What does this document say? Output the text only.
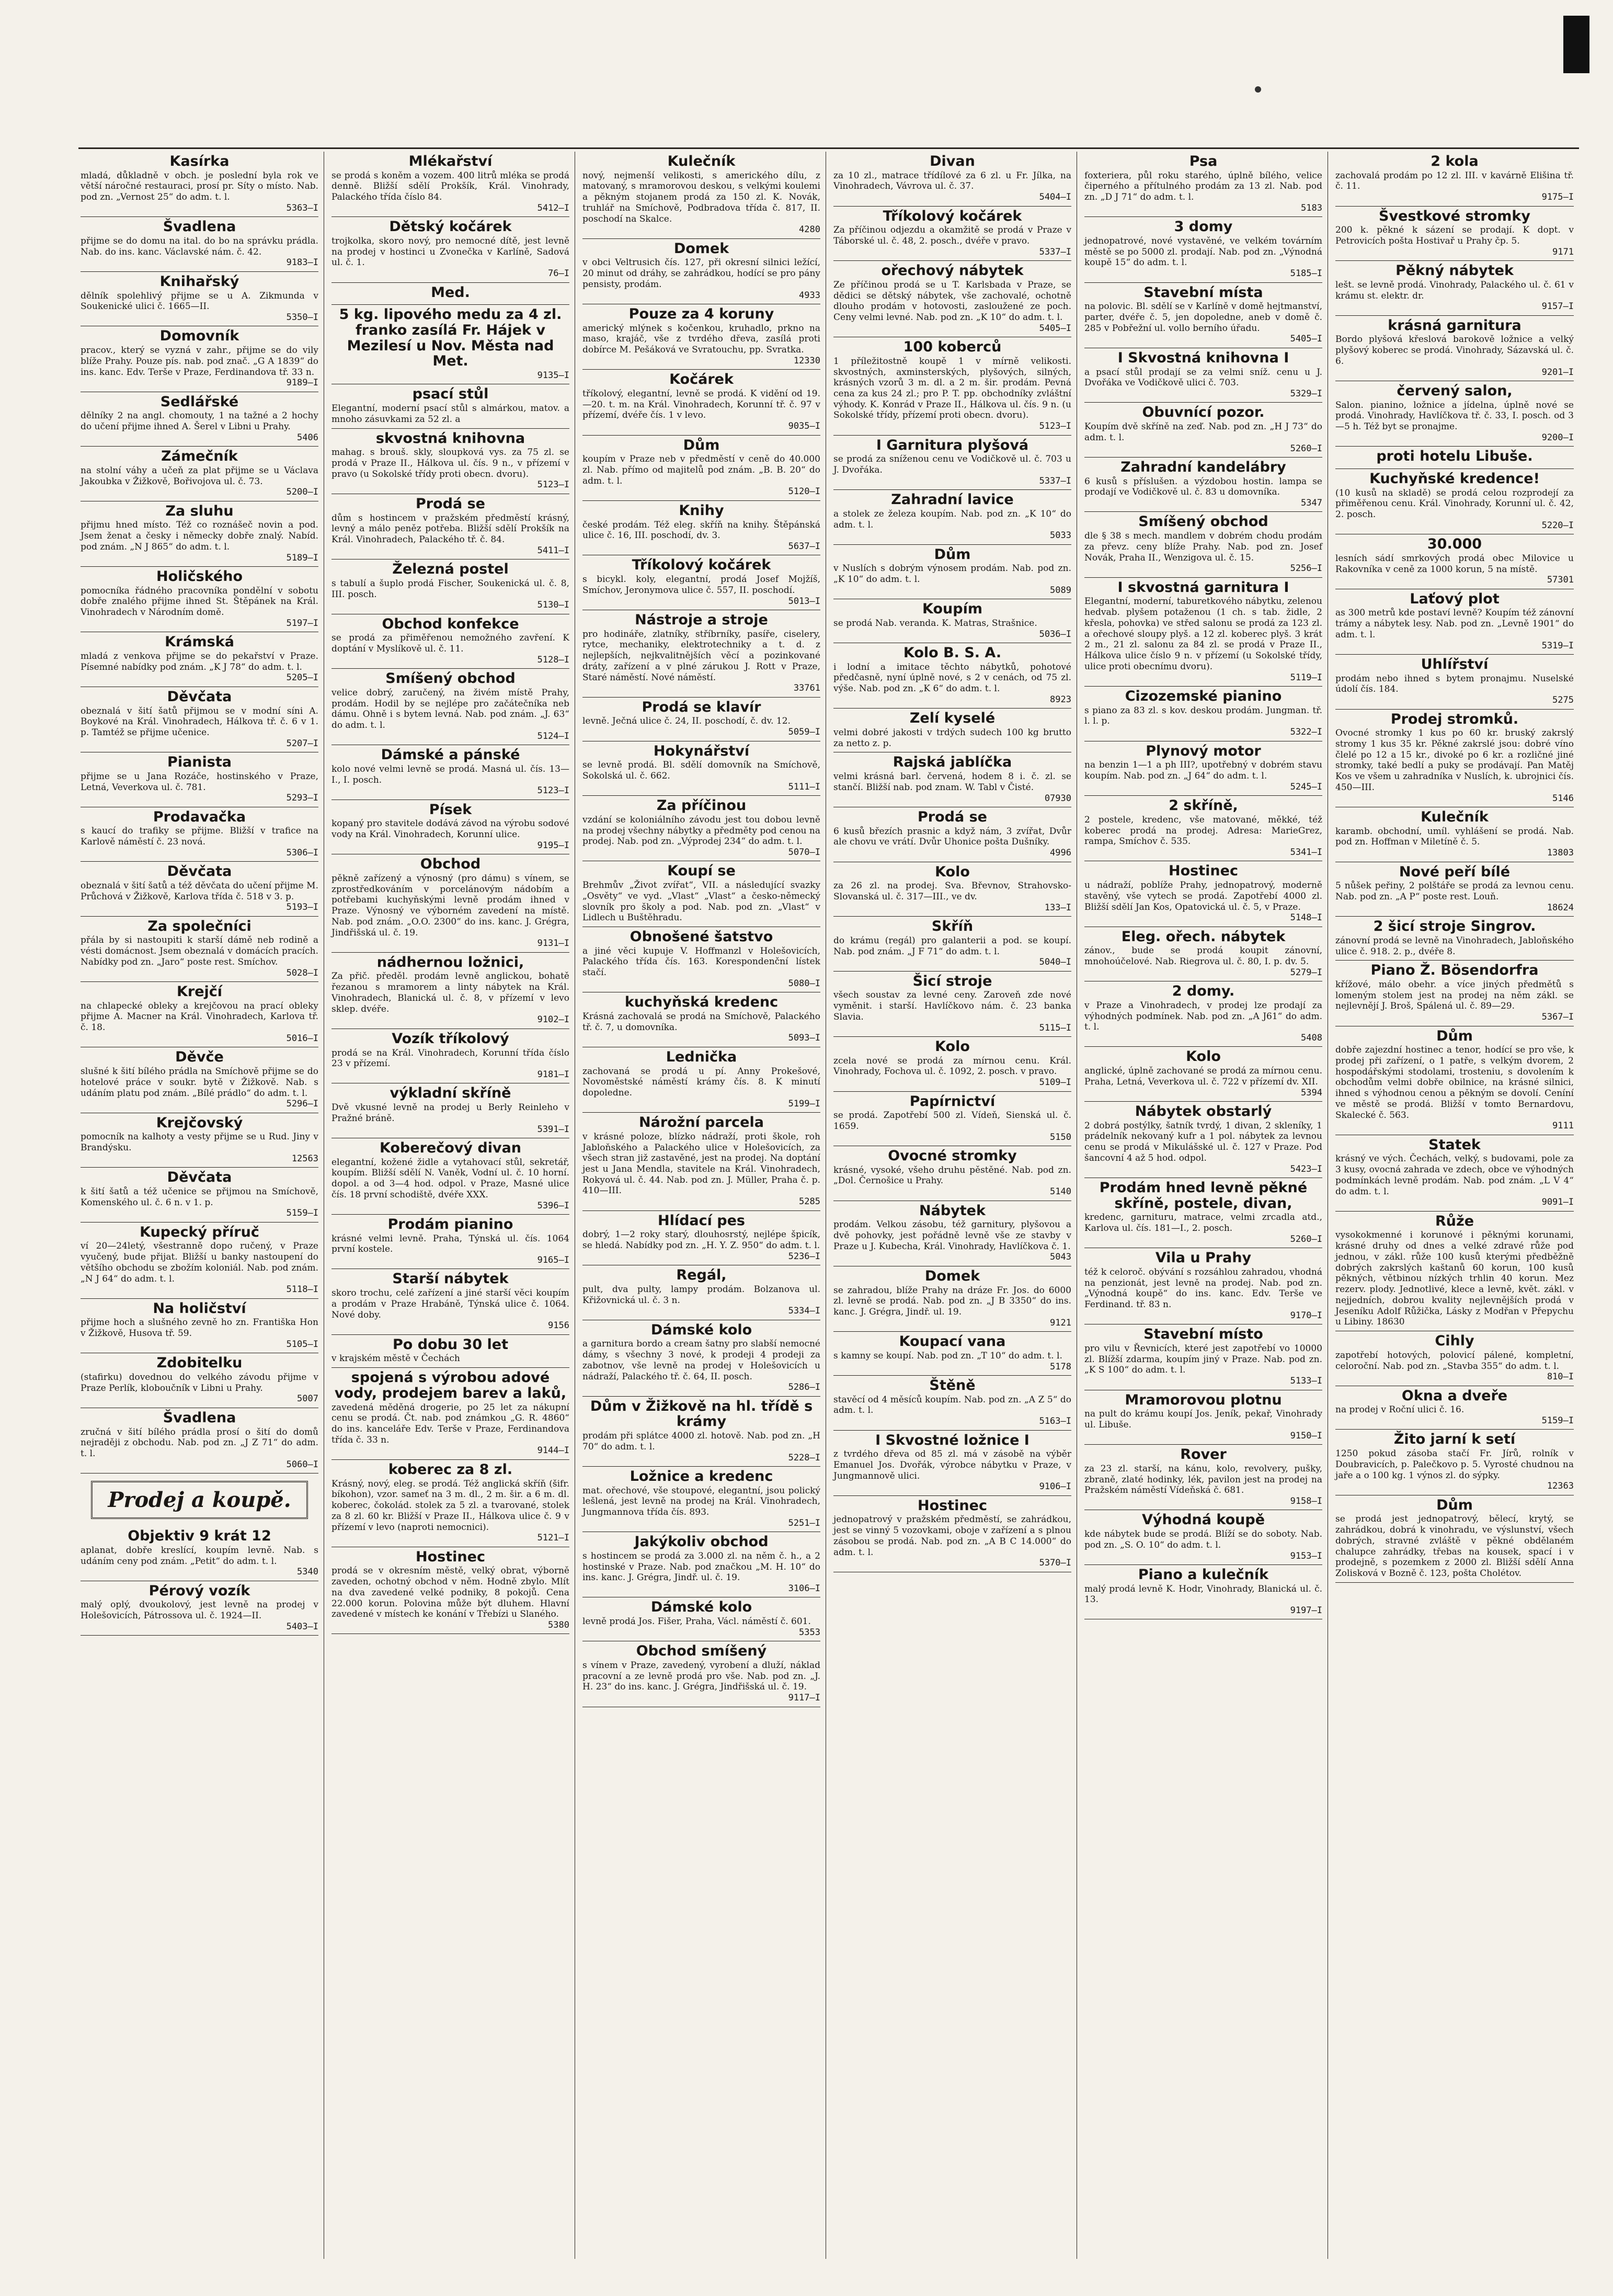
Kasírka
mladá, důkladně v obch. je poslední byla rok ve větší náročné restauraci, prosí pr. Síty o místo. Nab. pod zn. „Vernost 25“ do adm. t. l.
5363—I
Švadlena
přijme se do domu na ital. do bo na správku prádla. Nab. do ins. kanc. Václavské nám. č. 42.
9183—I
Knihařský
dělník spolehlivý přijme se u A. Zikmunda v Soukenické ulici č. 1665—II.
5350—I
Domovník
pracov., který se vyzná v zahr., přijme se do vily blíže Prahy. Pouze pís. nab. pod znač. „G A 1839“ do ins. kanc. Edv. Terše v Praze, Ferdinandova tř. 33 n.
9189—I
Sedlářské
dělníky 2 na angl. chomouty, 1 na tažné a 2 hochy do učení přijme ihned A. Šerel v Libni u Prahy.
5406
Zámečník
na stolní váhy a učeň za plat přijme se u Václava Jakoubka v Žižkově, Bořivojova ul. č. 73.
5200—I
Za sluhu
přijmu hned místo. Též co roznášeč novin a pod. Jsem ženat a česky i německy dobře znalý. Nabíd. pod znám. „N J 865“ do adm. t. l.
5189—I
Holičského
pomocníka řádného pracovníka pondělní v sobotu dobře znalého přijme ihned St. Štěpánek na Král. Vinohradech v Národním domě.
5197—I
Krámská
mladá z venkova přijme se do pekařství v Praze. Písemné nabídky pod znám. „K J 78“ do adm. t. l.
5205—I
Děvčata
obeznalá v šití šatů přijmou se v modní síni A. Boykové na Král. Vinohradech, Hálkova tř. č. 6 v 1. p. Tamtéž se přijme učenice.
5207—I
Pianista
přijme se u Jana Rozáče, hostinského v Praze, Letná, Veverkova ul. č. 781.
5293—I
Prodavačka
s kaucí do trafiky se přijme. Bližší v trafice na Karlově náměstí č. 23 nová.
5306—I
Děvčata
obeznalá v šití šatů a též děvčata do učení přijme M. Průchová v Žižkově, Karlova třída č. 518 v 3. p.
5193—I
Za společníci
přála by si nastoupiti k starší dámě neb rodině a vésti domácnost. Jsem obeznalá v domácích pracích. Nabídky pod zn. „Jaro“ poste rest. Smíchov.
5028—I
Krejčí
na chlapecké obleky a krejčovou na prací obleky přijme A. Macner na Král. Vinohradech, Karlova tř. č. 18.
5016—I
Děvče
slušné k šití bílého prádla na Smíchově přijme se do hotelové práce v soukr. bytě v Žižkově. Nab. s udáním platu pod znám. „Bílé prádlo“ do adm. t. l.
5296—I
Krejčovský
pomocník na kalhoty a vesty přijme se u Rud. Jiny v Brandýsku.
12563
Děvčata
k šití šatů a též učenice se přijmou na Smíchově, Komenského ul. č. 6 n. v 1. p.
5159—I
Kupecký příruč
ví 20—24letý, všestranně dopo ručený, v Praze vyučený, bude přijat. Bližší u banky nastoupení do většího obchodu se zbožím koloniál. Nab. pod znám. „N J 64“ do adm. t. l.
5118—I
Na holičství
přijme hoch a slušného zevně ho zn. Františka Hon v Žižkově, Husova tř. 59.
5105—I
Zdobitelku
(stafirku) dovednou do velkého závodu přijme v Praze Perlík, kloboučník v Libni u Prahy.
5007
Švadlena
zručná v šití bílého prádla prosí o šití do domů nejraději z obchodu. Nab. pod zn. „J Z 71“ do adm. t. l.
5060—I
Prodej a koupě.
Objektiv 9 krát 12
aplanat, dobře kreslící, koupím levně. Nab. s udáním ceny pod znám. „Petit“ do adm. t. l.
5340
Pérový vozík
malý oplý, dvoukolový, jest levně na prodej v Holešovicích, Pátrossova ul. č. 1924—II.
5403—I
Mlékařství
se prodá s koněm a vozem. 400 litrů mléka se prodá denně. Bližší sdělí Prokšík, Král. Vinohrady, Palackého třída číslo 84.
5412—I
Dětský kočárek
trojkolka, skoro nový, pro nemocné dítě, jest levně na prodej v hostinci u Zvonečka v Karlíně, Sadová ul. č. 1.
76—I
Med.
5 kg. lipového medu za 4 zl. franko zasílá Fr. Hájek v Mezilesí u Nov. Města nad Met.
9135—I
psací stůl
Elegantní, moderní psací stůl s almárkou, matov. a mnoho zásuvkami za 52 zl. a
skvostná knihovna
mahag. s brouš. skly, sloupková vys. za 75 zl. se prodá v Praze II., Hálkova ul. čís. 9 n., v přízemí v pravo (u Sokolské třídy proti obecn. dvoru).
5123—I
Prodá se
dům s hostincem v pražském předměstí krásný, levný a málo peněz potřeba. Bližší sdělí Prokšík na Král. Vinohradech, Palackého tř. č. 84.
5411—I
Železná postel
s tabulí a šuplo prodá Fischer, Soukenická ul. č. 8, III. posch.
5130—I
Obchod konfekce
se prodá za přiměřenou nemožného zavření. K doptání v Myslíkově ul. č. 11.
5128—I
Smíšený obchod
velice dobrý, zaručený, na živém místě Prahy, prodám. Hodil by se nejlépe pro začátečníka neb dámu. Ohně i s bytem levná. Nab. pod znám. „J. 63“ do adm. t. l.
5124—I
Dámské a pánské
kolo nové velmi levně se prodá. Masná ul. čís. 13—I., I. posch.
5123—I
Písek
kopaný pro stavitele dodává závod na výrobu sodové vody na Král. Vinohradech, Korunní ulice.
9195—I
Obchod
pěkně zařízený a výnosný (pro dámu) s vínem, se zprostředkováním v porcelánovým nádobím a potřebami kuchyňskými levně prodám ihned v Praze. Výnosný ve výborném zavedení na místě. Nab. pod znám. „O.O. 2300“ do ins. kanc. J. Grégra, Jindřišská ul. č. 19.
9131—I
nádhernou ložnici,
Za přič. předěl. prodám levně anglickou, bohatě řezanou s mramorem a linty nábytek na Král. Vinohradech, Blanická ul. č. 8, v přízemí v levo sklep. dvéře.
9102—I
Vozík tříkolový
prodá se na Král. Vinohradech, Korunní třída číslo 23 v přízemí.
9181—I
výkladní skříně
Dvě vkusné levně na prodej u Berly Reinleho v Pražné bráně.
5391—I
Koberečový divan
elegantní, kožené židle a vytahovací stůl, sekretář, koupím. Bližší sdělí N. Vaněk, Vodní ul. č. 10 horní. dopol. a od 3—4 hod. odpol. v Praze, Masné ulice čís. 18 první schodiště, dvéře XXX.
5396—I
Prodám pianino
krásné velmi levně. Praha, Týnská ul. čís. 1064 první kostele.
9165—I
Starší nábytek
skoro trochu, celé zařízení a jiné starší věci koupím a prodám v Praze Hrabáně, Týnská ulice č. 1064. Nové doby.
9156
Po dobu 30 let
v krajském městě v Čechách
spojená s výrobou adové vody, prodejem barev a laků,
zavedená měděná drogerie, po 25 let za nákupní cenu se prodá. Čt. nab. pod známkou „G. R. 4860“ do ins. kanceláře Edv. Terše v Praze, Ferdinandova třída č. 33 n.
9144—I
koberec za 8 zl.
Krásný, nový, eleg. se prodá. Též anglická skříň (šifr. bíkohon), vzor. sameť na 3 m. dl., 2 m. šir. a 6 m. dl. koberec, čokolád. stolek za 5 zl. a tvarované, stolek za 8 zl. 60 kr. Bližší v Praze II., Hálkova ulice č. 9 v přízemí v levo (naproti nemocnici).
5121—I
Hostinec
prodá se v okresním městě, velký obrat, výborně zaveden, ochotný obchod v něm. Hodně zbylo. Mlít na dva zavedené velké podniky, 8 pokojů. Cena 22.000 korun. Polovina může být dluhem. Hlavní zavedené v místech ke konání v Třebízi u Slaného.
5380
Kulečník
nový, nejmenší velikosti, s amerického dílu, z matovaný, s mramorovou deskou, s velkými koulemi a pěkným stojanem prodá za 150 zl. K. Novák, truhlář na Smíchově, Podbradova třída č. 817, II. poschodí na Skalce.
4280
Domek
v obci Veltrusich čís. 127, při okresní silnici ležící, 20 minut od dráhy, se zahrádkou, hodící se pro pány pensisty, prodám.
4933
Pouze za 4 koruny
americký mlýnek s kočenkou, kruhadlo, prkno na maso, krajáč, vše z tvrdého dřeva, zasílá proti dobírce M. Pešáková ve Svratouchu, pp. Svratka.
12330
Kočárek
tříkolový, elegantní, levně se prodá. K vidění od 19.—20. t. m. na Král. Vinohradech, Korunní tř. č. 97 v přízemí, dvéře čís. 1 v levo.
9035—I
Dům
koupím v Praze neb v předměstí v ceně do 40.000 zl. Nab. přímo od majitelů pod znám. „B. B. 20“ do adm. t. l.
5120—I
Knihy
české prodám. Též eleg. skříň na knihy. Štěpánská ulice č. 16, III. poschodí, dv. 3.
5637—I
Tříkolový kočárek
s bicykl. koly, elegantní, prodá Josef Mojžíš, Smíchov, Jeronymova ulice č. 557, II. poschodí.
5013—I
Nástroje a stroje
pro hodináře, zlatníky, stříbrníky, pasíře, ciselery, rytce, mechaniky, elektrotechniky a t. d. z nejlepších, nejkvalitnějších věcí a pozinkované dráty, zařízení a v plné zárukou J. Rott v Praze, Staré náměstí. Nové náměstí.
33761
Prodá se klavír
levně. Ječná ulice č. 24, II. poschodí, č. dv. 12.
5059—I
Hokynářství
se levně prodá. Bl. sdělí domovník na Smíchově, Sokolská ul. č. 662.
5111—I
Za příčinou
vzdání se koloniálního závodu jest tou dobou levně na prodej všechny nábytky a předměty pod cenou na prodej. Nab. pod zn. „Výprodej 234“ do adm. t. l.
5070—I
Koupí se
Brehmův „Život zvířat“, VII. a následující svazky „Osvěty“ ve vyd. „Vlast“ „Vlast“ a česko-německý slovník pro školy a pod. Nab. pod zn. „Vlast“ v Lidlech u Buštěhradu.
Obnošené šatstvo
a jiné věci kupuje V. Hoffmanzl v Holešovicích, Palackého třída čís. 163. Korespondenční lístek stačí.
5080—I
kuchyňská kredenc
Krásná zachovalá se prodá na Smíchově, Palackého tř. č. 7, u domovníka.
5093—I
Lednička
zachovaná se prodá u pí. Anny Prokešové, Novoměstské náměstí krámy čís. 8. K minutí dopoledne.
5199—I
Nárožní parcela
v krásné poloze, blízko nádraží, proti škole, roh Jabloňského a Palackého ulice v Holešovicích, za všech stran již zastavěné, jest na prodej. Na doptání jest u Jana Mendla, stavitele na Král. Vinohradech, Rokyová ul. č. 44. Nab. pod zn. J. Müller, Praha č. p. 410—III.
5285
Hlídací pes
dobrý, 1—2 roky starý, dlouhosrstý, nejlépe špicík, se hledá. Nabídky pod zn. „H. Y. Z. 950“ do adm. t. l.
5236—I
Regál,
pult, dva pulty, lampy prodám. Bolzanova ul. Křižovnická ul. č. 3 n.
5334—I
Dámské kolo
a garnitura bordo a cream šatny pro slabší nemocné dámy, s všechny 3 nové, k prodeji 4 prodeji za zabotnov, vše levně na prodej v Holešovicích u nádraží, Palackého tř. č. 64, II. posch.
5286—I
Dům v Žižkově na hl. třídě s krámy
prodám při splátce 4000 zl. hotově. Nab. pod zn. „H 70“ do adm. t. l.
5228—I
Ložnice a kredenc
mat. ořechové, vše stoupové, elegantní, jsou polický lešlená, jest levně na prodej na Král. Vinohradech, Jungmannova třída čís. 893.
5251—I
Jakýkoliv obchod
s hostincem se prodá za 3.000 zl. na něm č. h., a 2 hostinské v Praze. Nab. pod značkou „M. H. 10“ do ins. kanc. J. Grégra, Jindř. ul. č. 19.
3106—I
Dámské kolo
levně prodá Jos. Fišer, Praha, Václ. náměstí č. 601.
5353
Obchod smíšený
s vínem v Praze, zavedený, vyrobení a dluží, náklad pracovní a ze levně prodá pro vše. Nab. pod zn. „J. H. 23“ do ins. kanc. J. Grégra, Jindřišská ul. č. 19.
9117—I
Divan
za 10 zl., matrace třídílové za 6 zl. u Fr. Jílka, na Vinohradech, Vávrova ul. č. 37.
5404—I
Tříkolový kočárek
Za příčinou odjezdu a okamžitě se prodá v Praze v Táborské ul. č. 48, 2. posch., dvéře v pravo.
5337—I
ořechový nábytek
Ze příčinou prodá se u T. Karlsbada v Praze, se dědici se dětský nábytek, vše zachovalé, ochotně dlouho prodám v hotovosti, zasloužené ze poch. Ceny velmi levné. Nab. pod zn. „K 10“ do adm. t. l.
5405—I
100 koberců
1 příležitostně koupě 1 v mírně velikosti. skvostných, axminsterských, plyšových, silných, krásných vzorů 3 m. dl. a 2 m. šir. prodám. Pevná cena za kus 24 zl.; pro P. T. pp. obchodníky zvláštní výhody. K. Konrád v Praze II., Hálkova ul. čís. 9 n. (u Sokolské třídy, přízemí proti obecn. dvoru).
5123—I
I Garnitura plyšová
se prodá za sníženou cenu ve Vodičkově ul. č. 703 u J. Dvořáka.
5337—I
Zahradní lavice
a stolek ze železa koupím. Nab. pod zn. „K 10“ do adm. t. l.
5033
Dům
v Nuslích s dobrým výnosem prodám. Nab. pod zn. „K 10“ do adm. t. l.
5089
Koupím
se prodá Nab. veranda. K. Matras, Strašnice.
5036—I
Kolo B. S. A.
i lodní a imitace těchto nábytků, pohotové předčasně, nyní úplně nové, s 2 v cenách, od 75 zl. výše. Nab. pod zn. „K 6“ do adm. t. l.
8923
Zelí kyselé
velmi dobré jakosti v trdých sudech 100 kg brutto za netto z. p.
Rajská jablíčka
velmi krásná barl. červená, hodem 8 i. č. zl. se stančí. Bližší nab. pod znam. W. Tabl v Čisté.
07930
Prodá se
6 kusů březích prasnic a když nám, 3 zvířat, Dvůr ale chovu ve vrátí. Dvůr Uhonice pošta Dušníky.
4996
Kolo
za 26 zl. na prodej. Sva. Břevnov, Strahovsko-Slovanská ul. č. 317—III., ve dv.
133—I
Skříň
do krámu (regál) pro galanterii a pod. se koupí. Nab. pod znám. „J F 71“ do adm. t. l.
5040—I
Šicí stroje
všech soustav za levné ceny. Zaroveň zde nové vyměnit. i starší. Havlíčkovo nám. č. 23 banka Slavia.
5115—I
Kolo
zcela nové se prodá za mírnou cenu. Král. Vinohrady, Fochova ul. č. 1092, 2. posch. v pravo.
5109—I
Papírnictví
se prodá. Zapotřebí 500 zl. Vídeň, Sienská ul. č. 1659.
5150
Ovocné stromky
krásné, vysoké, všeho druhu pěstěné. Nab. pod zn. „Dol. Černošice u Prahy.
5140
Nábytek
prodám. Velkou zásobu, též garnitury, plyšovou a dvě pohovky, jest pořádně levně vše ze stavby v Praze u J. Kubecha, Král. Vinohrady, Havlíčkova č. 1.
5043
Domek
se zahradou, blíže Prahy na dráze Fr. Jos. do 6000 zl. levně se prodá. Nab. pod zn. „J B 3350“ do ins. kanc. J. Grégra, Jindř. ul. 19.
9121
Koupací vana
s kamny se koupí. Nab. pod zn. „T 10“ do adm. t. l.
5178
Štěně
stavěcí od 4 měsíců koupím. Nab. pod zn. „A Z 5“ do adm. t. l.
5163—I
I Skvostné ložnice I
z tvrdého dřeva od 85 zl. má v zásobě na výběr Emanuel Jos. Dvořák, výrobce nábytku v Praze, v Jungmannově ulici.
9106—I
Hostinec
jednopatrový v pražském předměstí, se zahrádkou, jest se vinný 5 vozovkami, oboje v zařízení a s plnou zásobou se prodá. Nab. pod zn. „A B C 14.000“ do adm. t. l.
5370—I
Psa
foxteriera, půl roku starého, úplně bílého, velice čiperného a přítulného prodám za 13 zl. Nab. pod zn. „D J 71“ do adm. t. l.
5183
3 domy
jednopatrové, nové vystavěné, ve velkém továrním městě se po 5000 zl. prodají. Nab. pod zn. „Výnodná koupě 15“ do adm. t. l.
5185—I
Stavební místa
na polovic. Bl. sdělí se v Karlíně v domě hejtmanství, parter, dvéře č. 5, jen dopoledne, aneb v domě č. 285 v Pobřežní ul. vollo berního úřadu.
5405—I
I Skvostná knihovna I
a psací stůl prodají se za velmi sníž. cenu u J. Dvořáka ve Vodičkově ulici č. 703.
5329—I
Obuvnící pozor.
Koupím dvě skříně na zeď. Nab. pod zn. „H J 73“ do adm. t. l.
5260—I
Zahradní kandelábry
6 kusů s příslušen. a výzdobou hostin. lampa se prodají ve Vodičkově ul. č. 83 u domovníka.
5347
Smíšený obchod
dle § 38 s mech. mandlem v dobrém chodu prodám za převz. ceny blíže Prahy. Nab. pod zn. Josef Novák, Praha II., Wenzigova ul. č. 15.
5256—I
I skvostná garnitura I
Elegantní, moderní, taburetkového nábytku, zelenou hedvab. plyšem potaženou (1 ch. s tab. židle, 2 křesla, pohovka) ve střed salonu se prodá za 123 zl. a ořechové sloupy plyš. a 12 zl. koberec plyš. 3 krát 2 m., 21 zl. salonu za 84 zl. se prodá v Praze II., Hálkova ulice číslo 9 n. v přízemí (u Sokolské třídy, ulice proti obecnímu dvoru).
5119—I
Cizozemské pianino
s piano za 83 zl. s kov. deskou prodám. Jungman. tř. l. l. p.
5322—I
Plynový motor
na benzin 1—1 a ph III?, upotřebný v dobrém stavu koupím. Nab. pod zn. „J 64“ do adm. t. l.
5245—I
2 skříně,
2 postele, kredenc, vše matované, měkké, též koberec prodá na prodej. Adresa: MarieGrez, rampa, Smíchov č. 535.
5341—I
Hostinec
u nádraží, poblíže Prahy, jednopatrový, moderně stavěný, vše vytech se prodá. Zapotřebí 4000 zl. Bližší sdělí Jan Kos, Opatovická ul. č. 5, v Praze.
5148—I
Eleg. ořech. nábytek
zánov., bude se prodá koupit zánovní, mnohoúčelové. Nab. Riegrova ul. č. 80, I. p. dv. 5.
5279—I
2 domy.
v Praze a Vinohradech, v prodej lze prodají za výhodných podmínek. Nab. pod zn. „A J61“ do adm. t. l.
5408
Kolo
anglické, úplně zachované se prodá za mírnou cenu. Praha, Letná, Veverkova ul. č. 722 v přízemí dv. XII.
5394
Nábytek obstarlý
2 dobrá postýlky, šatník tvrdý, 1 divan, 2 skleníky, 1 prádelník nekovaný kufr a 1 pol. nábytek za levnou cenu se prodá v Mikulášské ul. č. 127 v Praze. Pod šancovní 4 až 5 hod. odpol.
5423—I
Prodám hned levně pěkné skříně, postele, divan,
kredenc, garnituru, matrace, velmi zrcadla atd., Karlova ul. čís. 181—I., 2. posch.
5260—I
Vila u Prahy
též k celoroč. obývání s rozsáhlou zahradou, vhodná na penzionát, jest levně na prodej. Nab. pod zn. „Výnodná koupě“ do ins. kanc. Edv. Terše ve Ferdinand. tř. 83 n.
9170—I
Stavební místo
pro vilu v Řevnicích, které jest zapotřebí vo 10000 zl. Blížší zdarma, koupím jiný v Praze. Nab. pod zn. „K S 100“ do adm. t. l.
5133—I
Mramorovou plotnu
na pult do krámu koupí Jos. Jeník, pekař, Vinohrady ul. Libuše.
9150—I
Rover
za 23 zl. starší, na kánu, kolo, revolvery, pušky, zbraně, zlaté hodinky, lék, pavilon jest na prodej na Pražském náměstí Vídeňská č. 681.
9158—I
Výhodná koupě
kde nábytek bude se prodá. Blíží se do soboty. Nab. pod zn. „S. O. 10“ do adm. t. l.
9153—I
Piano a kulečník
malý prodá levně K. Hodr, Vinohrady, Blanická ul. č. 13.
9197—I
2 kola
zachovalá prodám po 12 zl. III. v kavárně Elišina tř. č. 11.
9175—I
Švestkové stromky
200 k. pěkné k sázení se prodají. K dopt. v Petrovicích pošta Hostivař u Prahy čp. 5.
9171
Pěkný nábytek
lešt. se levně prodá. Vinohrady, Palackého ul. č. 61 v krámu st. elektr. dr.
9157—I
krásná garnitura
Bordo plyšová křeslová barokově ložnice a velký plyšový koberec se prodá. Vinohrady, Sázavská ul. č. 6.
9201—I
červený salon,
Salon. pianino, ložnice a jídelna, úplně nové se prodá. Vinohrady, Havlíčkova tř. č. 33, I. posch. od 3—5 h. Též byt se pronajme.
9200—I
proti hotelu Libuše.
Kuchyňské kredence!
(10 kusů na skladě) se prodá celou rozprodejí za přiměřenou cenu. Král. Vinohrady, Korunní ul. č. 42, 2. posch.
5220—I
30.000
lesních sádí smrkových prodá obec Milovice u Rakovníka v ceně za 1000 korun, 5 na místě.
57301
Laťový plot
as 300 metrů kde postaví levně? Koupím též zánovní trámy a nábytek lesy. Nab. pod zn. „Levně 1901“ do adm. t. l.
5319—I
Uhlířství
prodám nebo ihned s bytem pronajmu. Nuselské údolí čís. 184.
5275
Prodej stromků.
Ovocné stromky 1 kus po 60 kr. bruský zakrslý stromy 1 kus 35 kr. Pěkné zakrslé jsou: dobré víno člelé po 12 a 15 kr., divoké po 6 kr. a rozličné jiné stromky, také bedlí a puky se prodávají. Pan Matěj Kos ve všem u zahradníka v Nuslích, k. ubrojnici čís. 450—III.
5146
Kulečník
karamb. obchodní, umíl. vyhlášení se prodá. Nab. pod zn. Hoffman v Miletíně č. 5.
13803
Nové peří bílé
5 nůšek peřiny, 2 polštáře se prodá za levnou cenu. Nab. pod zn. „A P“ poste rest. Louň.
18624
2 šicí stroje Singrov.
zánovní prodá se levně na Vinohradech, Jabloňského ulice č. 918. 2. p., dvéře 8.
Piano Ž. Bösendorfra
křížové, málo obehr. a více jiných předmětů s lomeným stolem jest na prodej na něm zákl. se nejlevnějí J. Broš, Spálená ul. č. 89—29.
5367—I
Dům
dobře zajezdní hostinec a tenor, hodící se pro vše, k prodej při zařízení, o 1 patře, s velkým dvorem, 2 hospodářskými stodolami, trosteniu, s dovolením k obchodům velmi dobře obilnice, na krásné silnici, ihned s výhodnou cenou a pěkným se dovolí. Ceníní ve městě se prodá. Bližší v tomto Bernardovu, Skalecké č. 563.
9111
Statek
krásný ve vých. Čechách, velký, s budovami, pole za 3 kusy, ovocná zahrada ve zdech, obce ve výhodných podmínkách levně prodám. Nab. pod znám. „L V 4“ do adm. t. l.
9091—I
Růže
vysokokmenné i korunové i pěknými korunami, krásné druhy od dnes a velké zdravé růže pod jednou, v zákl. růže 100 kusů kterými předběžně dobrých zakrslých kaštanů 60 korun, 100 kusů pěkných, větbinou nízkých trhlin 40 korun. Mez rezerv. plody. Jednotlivé, klece a levně, květ. zákl. v nejjedních, dobrou kvality nejlevnějších prodá v Jeseníku Adolf Růžička, Lásky z Modřan v Přepychu u Libiny. 18630
Cihly
zapotřebí hotových, polovicí pálené, kompletní, celoroční. Nab. pod zn. „Stavba 355“ do adm. t. l.
810—I
Okna a dveře
na prodej v Roční ulici č. 16.
5159—I
Žito jarní k setí
1250 pokud zásoba stačí Fr. Jírů, rolník v Doubravicích, p. Palečkovo p. 5. Vyrosté chudnou na jaře a o 100 kg. 1 výnos zl. do sýpky.
12363
Dům
se prodá jest jednopatrový, bělecí, krytý, se zahrádkou, dobrá k vinohradu, ve výslunství, všech dobrých, stravné zvláště v pěkné obdělaném chalupce zahrádky, třebas na kousek, spací i v prodejně, s pozemkem z 2000 zl. Bližší sdělí Anna Zolisková v Bozně č. 123, pošta Cholétov.
